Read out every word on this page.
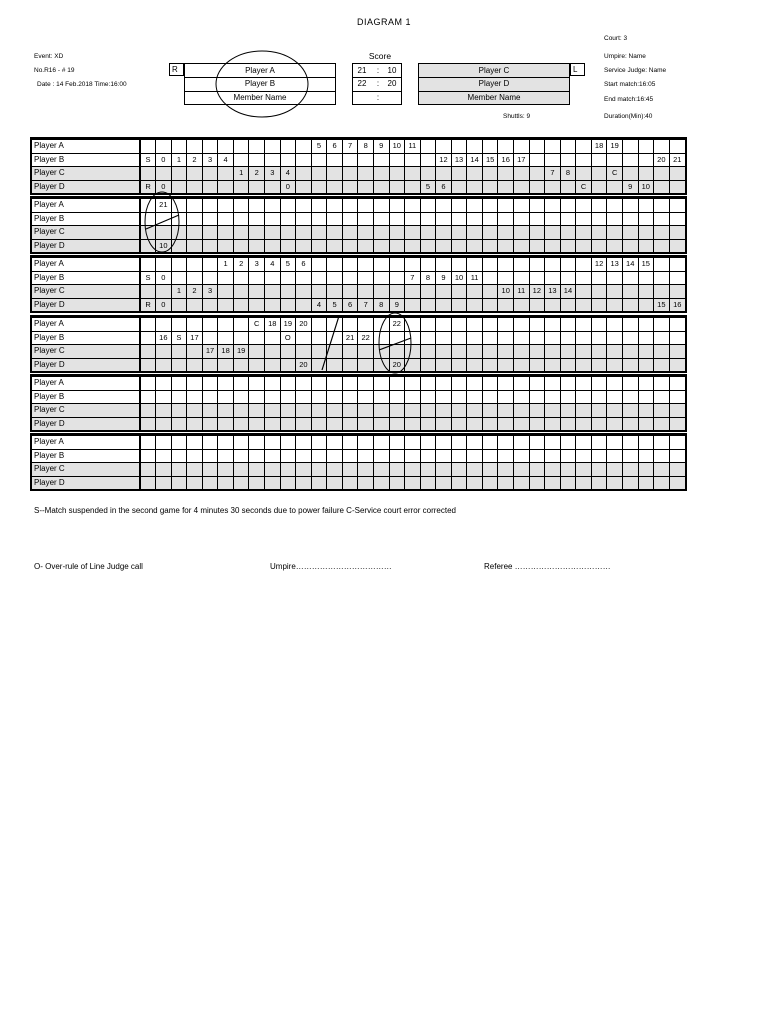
DIAGRAM 1
Event: XD
No.R16 - # 19
Date : 14 Feb.2018 Time:16:00
Court: 3
Umpire: Name
Service Judge: Name
Start match:16:05
End match:16:45
Duration(Min):40
Shuttls: 9
Score
R	L
Player A
Player B
Member Name
21	:	10
22	:	20
:
Player C
Player D
Member Name
Player A												5	6	7	8	9	10	11												18	19				
Player B	S	0	1	2	3	4														12	13	14	15	16	17									20	21
Player C							1	2	3	4																	7	8			C				
Player D	R	0								0									5	6									C			9	10		
Player A		21																																	
Player B																																			
Player C																																			
Player D		10																																	
Player A						1	2	3	4	5	6																			12	13	14	15		
Player B	S	0																7	8	9	10	11													
Player C			1	2	3																			10	11	12	13	14							
Player D	R	0										4	5	6	7	8	9																	15	16
Player A								C	18	19	20						22																		
Player B		16	S	17						O				21	22																				
Player C					17	18	19																												
Player D											20						20																		
Player A																																			
Player B																																			
Player C																																			
Player D																																			
Player A																																			
Player B																																			
Player C																																			
Player D																																			
S--Match suspended in the second game for 4 minutes 30 seconds due to power failure C-Service court error corrected
O- Over-rule of Line Judge call	Umpire………………………………	Referee ………………………………
